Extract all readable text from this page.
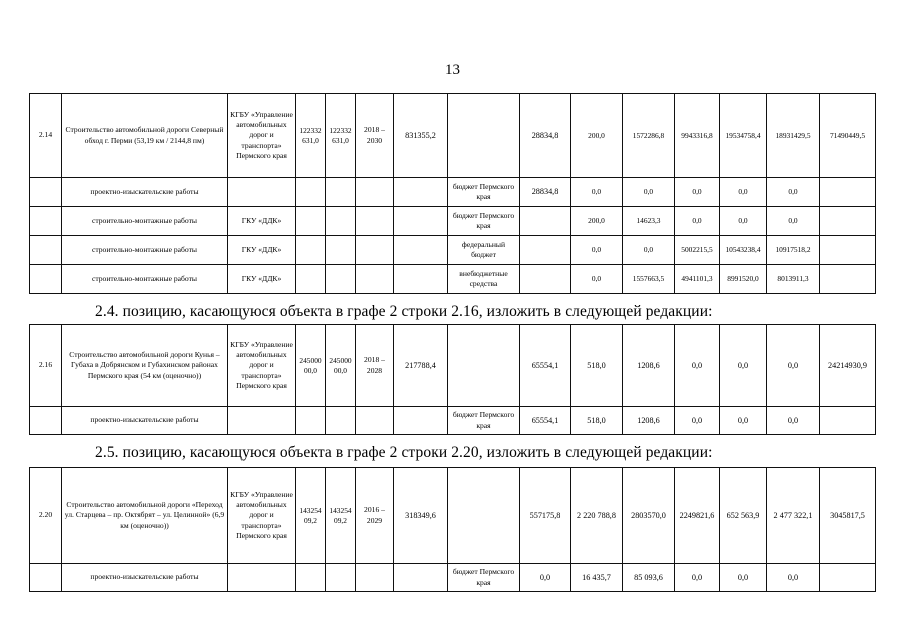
13
2.14	Строительство автомобильной дороги Северный обход г. Перми (53,19 км / 2144,8 пм)	КГБУ «Управление автомобильных дорог и транспорта» Пермского края	122332 631,0	122332 631,0	2018 – 2030	831355,2		28834,8	200,0	1572286,8	9943316,8	19534758,4	18931429,5	71490449,5
	проектно-изыскательские работы						бюджет Пермского края	28834,8	0,0	0,0	0,0	0,0	0,0	
	строительно-монтажные работы	ГКУ «ДДК»					бюджет Пермского края		200,0	14623,3	0,0	0,0	0,0	
	строительно-монтажные работы	ГКУ «ДДК»					федеральный бюджет		0,0	0,0	5002215,5	10543238,4	10917518,2	
	строительно-монтажные работы	ГКУ «ДДК»					внебюджетные средства		0,0	1557663,5	4941101,3	8991520,0	8013911,3	
2.4. позицию, касающуюся объекта в графе 2 строки 2.16, изложить в следующей редакции:
2.16	Строительство автомобильной дороги Кунья – Губаха в Добрянском и Губахинском районах Пермского края (54 км (оценочно))	КГБУ «Управление автомобильных дорог и транспорта» Пермского края	245000 00,0	245000 00,0	2018 – 2028	217788,4		65554,1	518,0	1208,6	0,0	0,0	0,0	24214930,9
	проектно-изыскательские работы						бюджет Пермского края	65554,1	518,0	1208,6	0,0	0,0	0,0	
2.5. позицию, касающуюся объекта в графе 2 строки 2.20, изложить в следующей редакции:
2.20	Строительство автомобильной дороги «Переход ул. Старцева – пр. Октябрят – ул. Целинной» (6,9 км (оценочно))	КГБУ «Управление автомобильных дорог и транспорта» Пермского края	143254 09,2	143254 09,2	2016 – 2029	318349,6		557175,8	2 220 788,8	2803570,0	2249821,6	652 563,9	2 477 322,1	3045817,5
	проектно-изыскательские работы						бюджет Пермского края	0,0	16 435,7	85 093,6	0,0	0,0	0,0	
